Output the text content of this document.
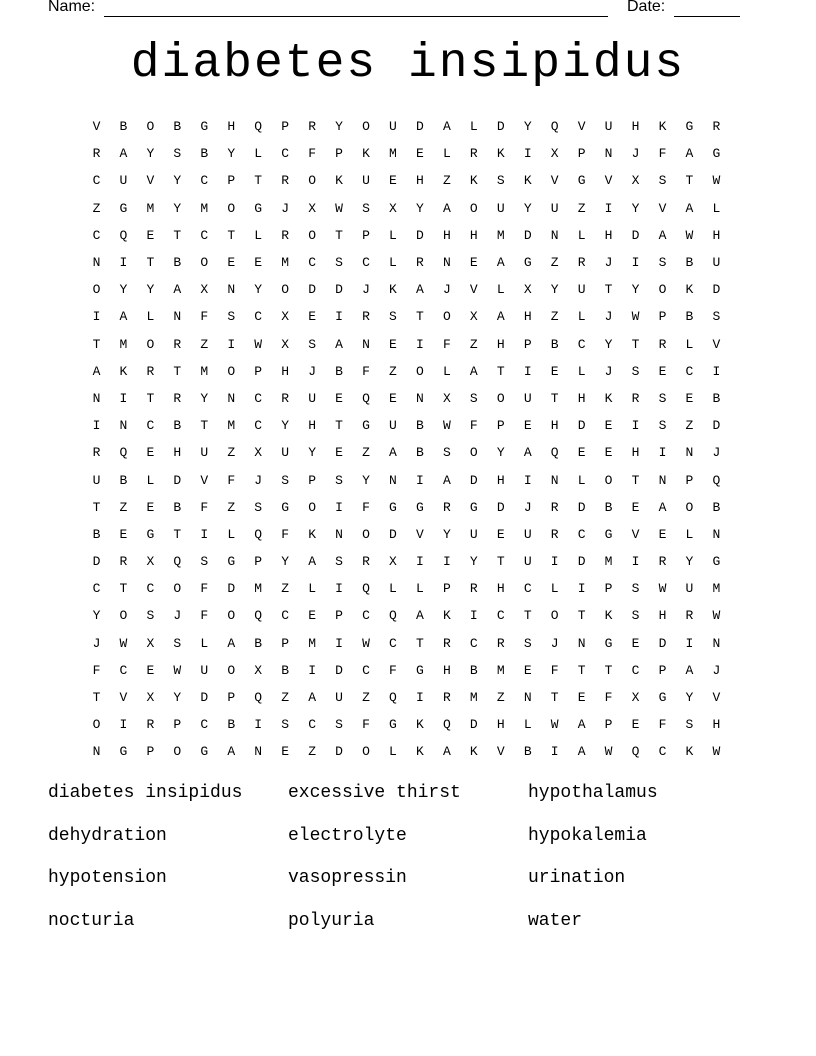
Name:	Date:
diabetes insipidus
V	B	O	B	G	H	Q	P	R	Y	O	U	D	A	L	D	Y	Q	V	U	H	K	G	R
R	A	Y	S	B	Y	L	C	F	P	K	M	E	L	R	K	I	X	P	N	J	F	A	G
C	U	V	Y	C	P	T	R	O	K	U	E	H	Z	K	S	K	V	G	V	X	S	T	W
Z	G	M	Y	M	O	G	J	X	W	S	X	Y	A	O	U	Y	U	Z	I	Y	V	A	L
C	Q	E	T	C	T	L	R	O	T	P	L	D	H	H	M	D	N	L	H	D	A	W	H
N	I	T	B	O	E	E	M	C	S	C	L	R	N	E	A	G	Z	R	J	I	S	B	U
O	Y	Y	A	X	N	Y	O	D	D	J	K	A	J	V	L	X	Y	U	T	Y	O	K	D
I	A	L	N	F	S	C	X	E	I	R	S	T	O	X	A	H	Z	L	J	W	P	B	S
T	M	O	R	Z	I	W	X	S	A	N	E	I	F	Z	H	P	B	C	Y	T	R	L	V
A	K	R	T	M	O	P	H	J	B	F	Z	O	L	A	T	I	E	L	J	S	E	C	I
N	I	T	R	Y	N	C	R	U	E	Q	E	N	X	S	O	U	T	H	K	R	S	E	B
I	N	C	B	T	M	C	Y	H	T	G	U	B	W	F	P	E	H	D	E	I	S	Z	D
R	Q	E	H	U	Z	X	U	Y	E	Z	A	B	S	O	Y	A	Q	E	E	H	I	N	J
U	B	L	D	V	F	J	S	P	S	Y	N	I	A	D	H	I	N	L	O	T	N	P	Q
T	Z	E	B	F	Z	S	G	O	I	F	G	G	R	G	D	J	R	D	B	E	A	O	B
B	E	G	T	I	L	Q	F	K	N	O	D	V	Y	U	E	U	R	C	G	V	E	L	N
D	R	X	Q	S	G	P	Y	A	S	R	X	I	I	Y	T	U	I	D	M	I	R	Y	G
C	T	C	O	F	D	M	Z	L	I	Q	L	L	P	R	H	C	L	I	P	S	W	U	M
Y	O	S	J	F	O	Q	C	E	P	C	Q	A	K	I	C	T	O	T	K	S	H	R	W
J	W	X	S	L	A	B	P	M	I	W	C	T	R	C	R	S	J	N	G	E	D	I	N
F	C	E	W	U	O	X	B	I	D	C	F	G	H	B	M	E	F	T	T	C	P	A	J
T	V	X	Y	D	P	Q	Z	A	U	Z	Q	I	R	M	Z	N	T	E	F	X	G	Y	V
O	I	R	P	C	B	I	S	C	S	F	G	K	Q	D	H	L	W	A	P	E	F	S	H
N	G	P	O	G	A	N	E	Z	D	O	L	K	A	K	V	B	I	A	W	Q	C	K	W
diabetes insipidus	excessive thirst	hypothalamus
dehydration	electrolyte	hypokalemia
hypotension	vasopressin	urination
nocturia	polyuria	water
